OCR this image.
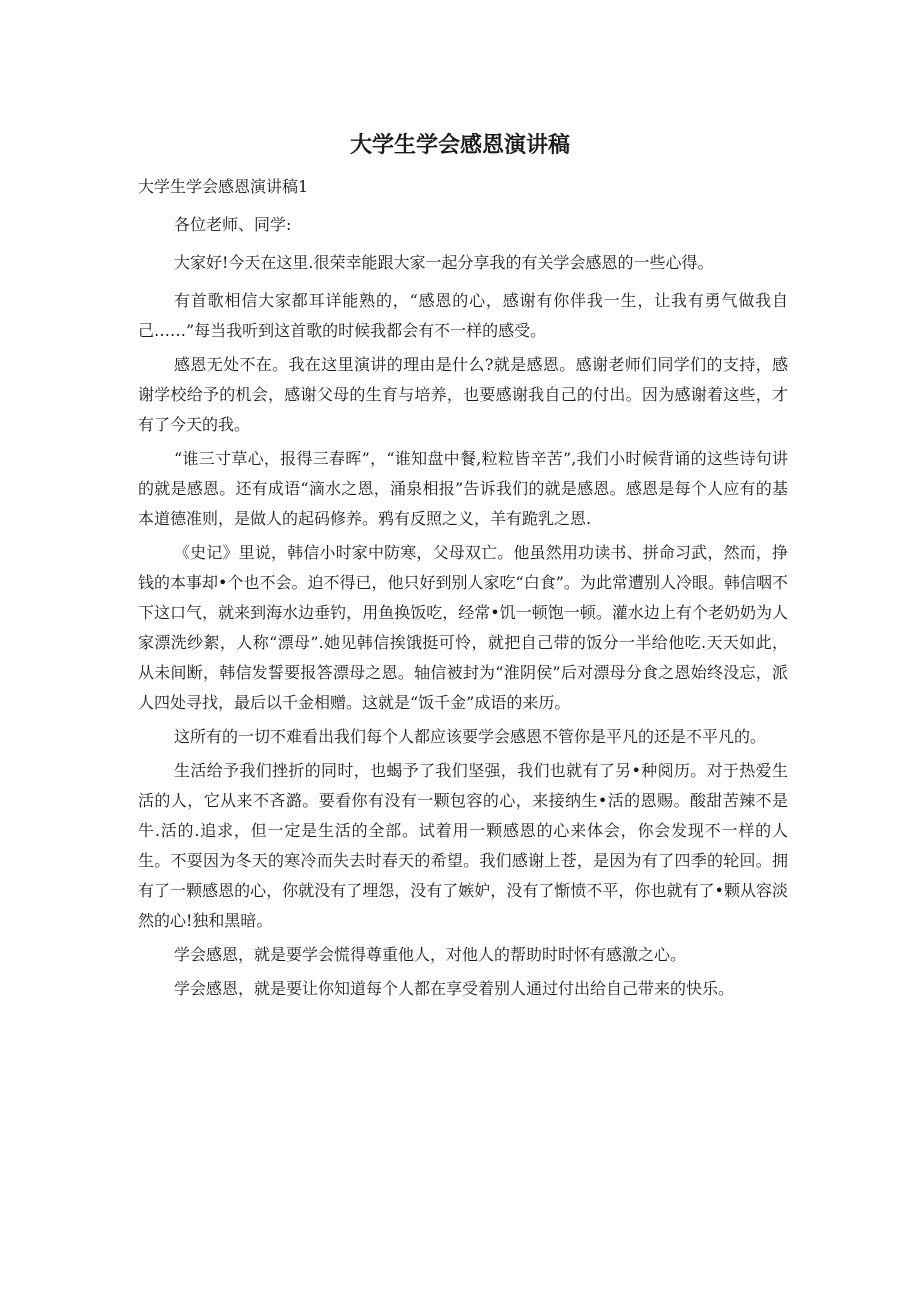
大学生学会感恩演讲稿

大学生学会感恩演讲稿1

各位老师、同学:

大家好!今天在这里.很荣幸能跟大家一起分享我的有关学会感恩的一些心得。

有首歌相信大家都耳详能熟的，“感恩的心，感谢有你伴我一生，让我有勇气做我自己……”每当我听到这首歌的时候我都会有不一样的感受。

感恩无处不在。我在这里演讲的理由是什么?就是感恩。感谢老师们同学们的支持，感谢学校给予的机会，感谢父母的生育与培养，也要感谢我自己的付出。因为感谢着这些，才有了今天的我。

“谁三寸草心，报得三春晖”，“谁知盘中餐,粒粒皆辛苦”,我们小时候背诵的这些诗句讲的就是感恩。还有成语“滴水之恩，涌泉相报”告诉我们的就是感恩。感恩是每个人应有的基本道德准则，是做人的起码修养。鸦有反照之义，羊有跪乳之恩.

《史记》里说，韩信小时家中防寒，父母双亡。他虽然用功读书、拼命习武，然而，挣钱的本事却•个也不会。迫不得已，他只好到别人家吃“白食”。为此常遭别人冷眼。韩信咽不下这口气，就来到海水边垂钓，用鱼换饭吃，经常•饥一顿饱一顿。灌水边上有个老奶奶为人家漂洗纱絮，人称“漂母”.她见韩信挨饿挺可怜，就把自己带的饭分一半给他吃.天天如此，从未间断，韩信发誓要报答漂母之恩。轴信被封为“淮阴侯”后对漂母分食之恩始终没忘，派人四处寻找，最后以千金相赠。这就是“饭千金”成语的来历。

这所有的一切不难看出我们每个人都应该要学会感恩不管你是平凡的还是不平凡的。

生活给予我们挫折的同时，也蝎予了我们坚强，我们也就有了另•种阅历。对于热爱生活的人，它从来不吝潞。要看你有没有一颗包容的心，来接纳生•活的恩赐。酸甜苦辣不是牛.活的.追求，但一定是生活的全部。试着用一颗感恩的心来体会，你会发现不一样的人生。不耍因为冬天的寒冷而失去时春天的希望。我们感谢上苍，是因为有了四季的轮回。拥有了一颗感恩的心，你就没有了埋怨，没有了嫉妒，没有了惭愤不平，你也就有了•颗从容淡然的心!独和黑暗。

学会感恩，就是要学会慌得尊重他人，对他人的帮助时时怀有感激之心。

学会感恩，就是要让你知道每个人都在享受着别人通过付出给自己带来的快乐。
